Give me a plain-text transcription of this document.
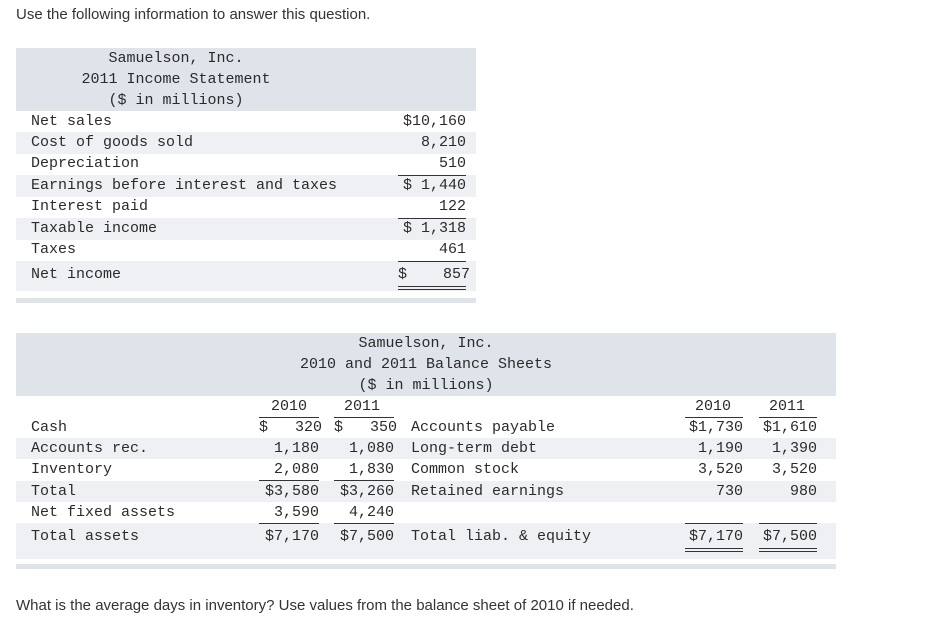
Use the following information to answer this question.
Samuelson, Inc.
2011 Income Statement
($ in millions)
Net sales	$10,160
Cost of goods sold	8,210
Depreciation	510
Earnings before interest and taxes	$ 1,440
Interest paid	122
Taxable income	$ 1,318
Taxes	461
Net income	$    857
Samuelson, Inc.
2010 and 2011 Balance Sheets
($ in millions)
2010	2011	2010	2011
Cash	$   320 $   350 Accounts payable	$1,730 $1,610
Accounts rec.	1,180	1,080 Long-term debt	1,190	1,390
Inventory	2,080	1,830 Common stock	3,520	3,520
Total	$3,580	$3,260 Retained earnings	730	980
Net fixed assets	3,590	4,240
Total assets	$7,170	$7,500 Total liab. & equity	$7,170 $7,500
What is the average days in inventory? Use values from the balance sheet of 2010 if needed.
